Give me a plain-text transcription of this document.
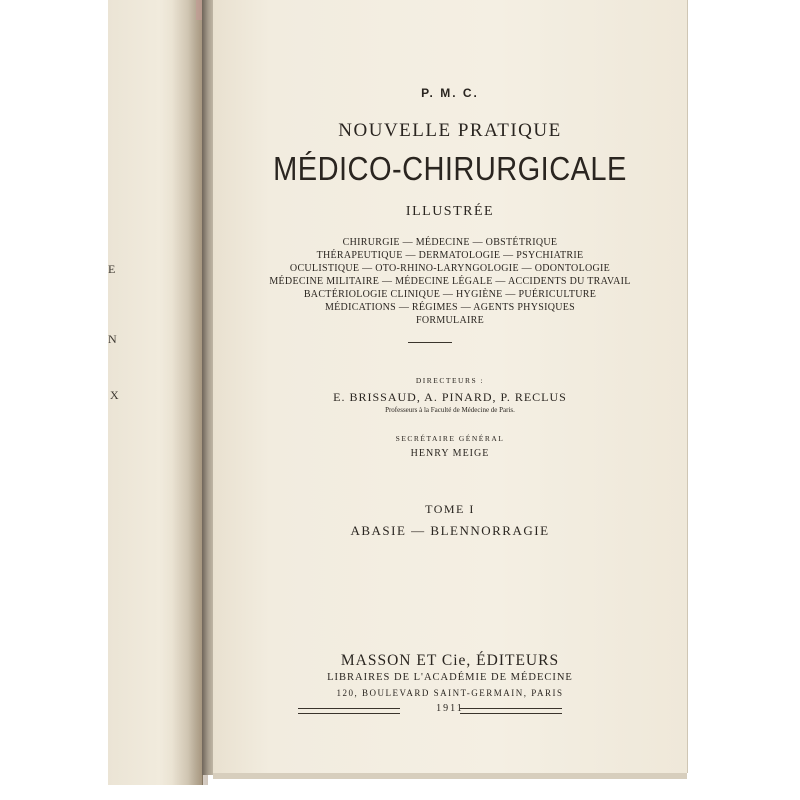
E
N
X
P. M. C.
NOUVELLE PRATIQUE
MÉDICO-CHIRURGICALE
ILLUSTRÉE
CHIRURGIE — MÉDECINE — OBSTÉTRIQUE
THÉRAPEUTIQUE — DERMATOLOGIE — PSYCHIATRIE
OCULISTIQUE — OTO-RHINO-LARYNGOLOGIE — ODONTOLOGIE
MÉDECINE MILITAIRE — MÉDECINE LÉGALE — ACCIDENTS DU TRAVAIL
BACTÉRIOLOGIE CLINIQUE — HYGIÈNE — PUÉRICULTURE
MÉDICATIONS — RÉGIMES — AGENTS PHYSIQUES
FORMULAIRE
DIRECTEURS :
E. BRISSAUD, A. PINARD, P. RECLUS
Professeurs à la Faculté de Médecine de Paris.
SECRÉTAIRE GÉNÉRAL
HENRY MEIGE
TOME I
ABASIE — BLENNORRAGIE
MASSON ET Cie, ÉDITEURS
LIBRAIRES DE L'ACADÉMIE DE MÉDECINE
120, BOULEVARD SAINT-GERMAIN, PARIS
1911
